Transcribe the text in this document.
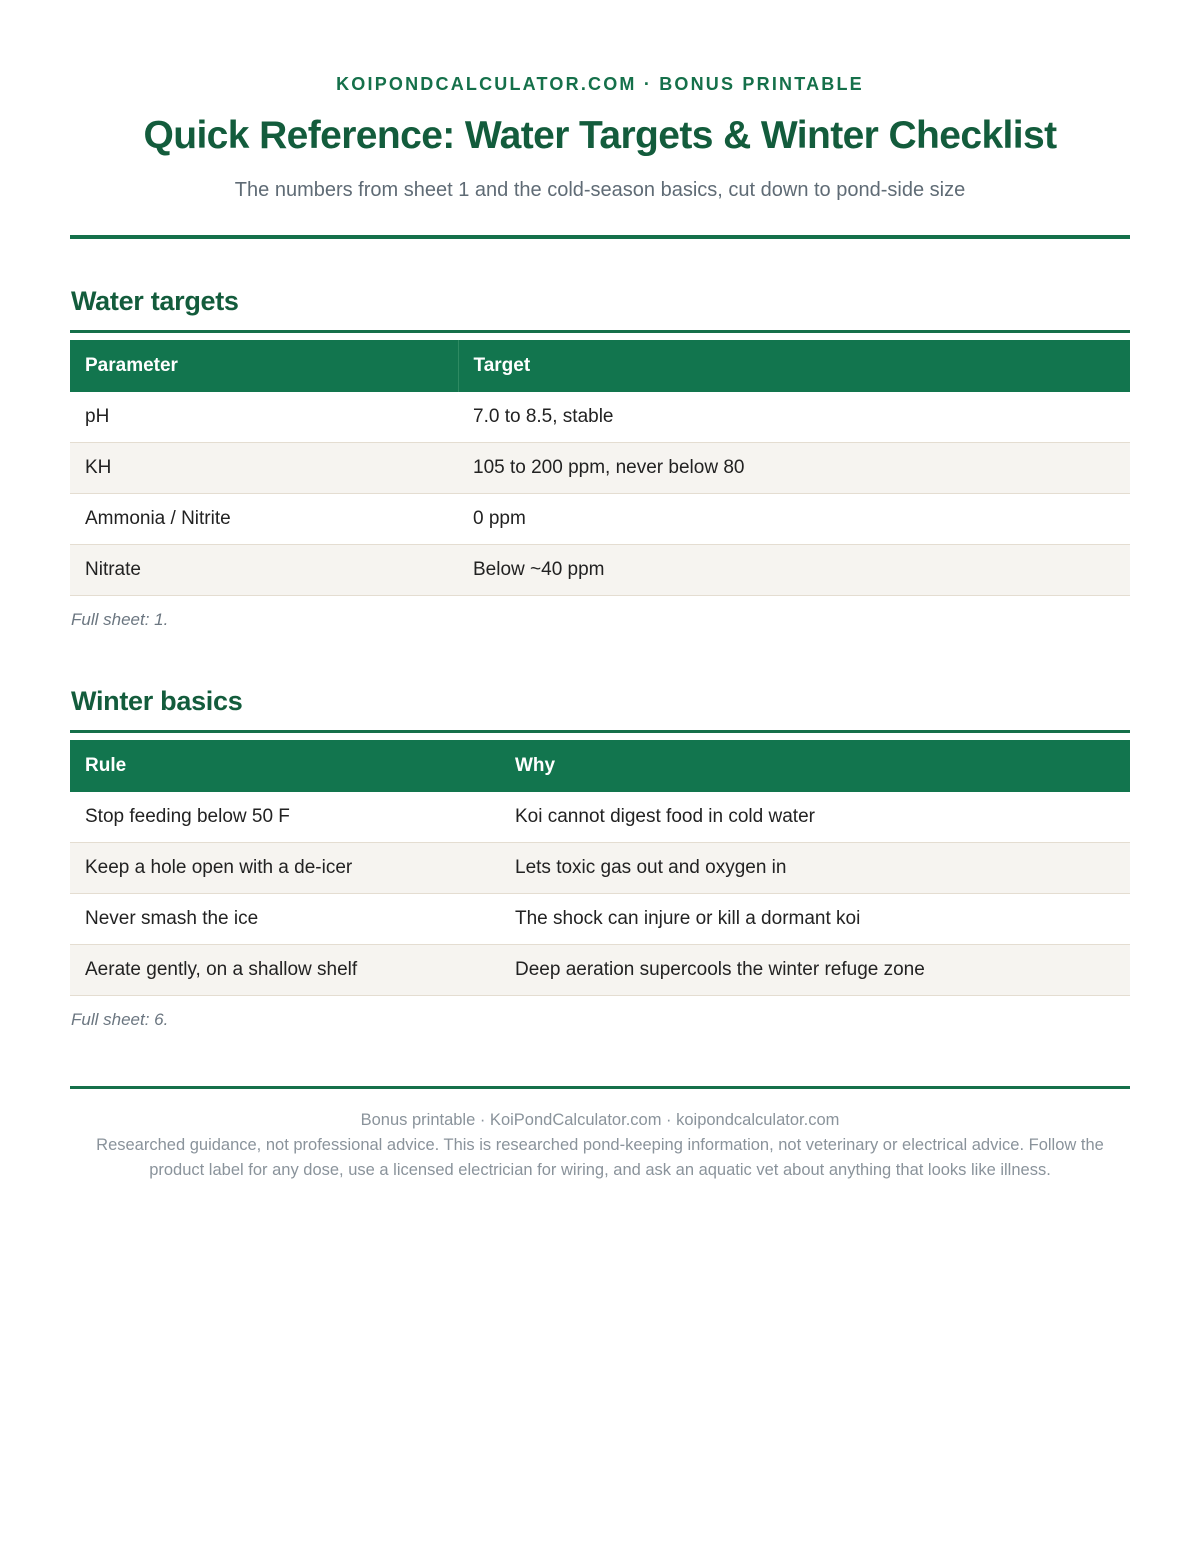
KOIPONDCALCULATOR.COM · BONUS PRINTABLE
Quick Reference: Water Targets & Winter Checklist
The numbers from sheet 1 and the cold-season basics, cut down to pond-side size
Water targets
Parameter	Target
pH	7.0 to 8.5, stable
KH	105 to 200 ppm, never below 80
Ammonia / Nitrite	0 ppm
Nitrate	Below ~40 ppm
Full sheet: 1.
Winter basics
Rule	Why
Stop feeding below 50 F	Koi cannot digest food in cold water
Keep a hole open with a de-icer	Lets toxic gas out and oxygen in
Never smash the ice	The shock can injure or kill a dormant koi
Aerate gently, on a shallow shelf	Deep aeration supercools the winter refuge zone
Full sheet: 6.
Bonus printable · KoiPondCalculator.com · koipondcalculator.com
Researched guidance, not professional advice. This is researched pond-keeping information, not veterinary or electrical advice. Follow the product label for any dose, use a licensed electrician for wiring, and ask an aquatic vet about anything that looks like illness.
